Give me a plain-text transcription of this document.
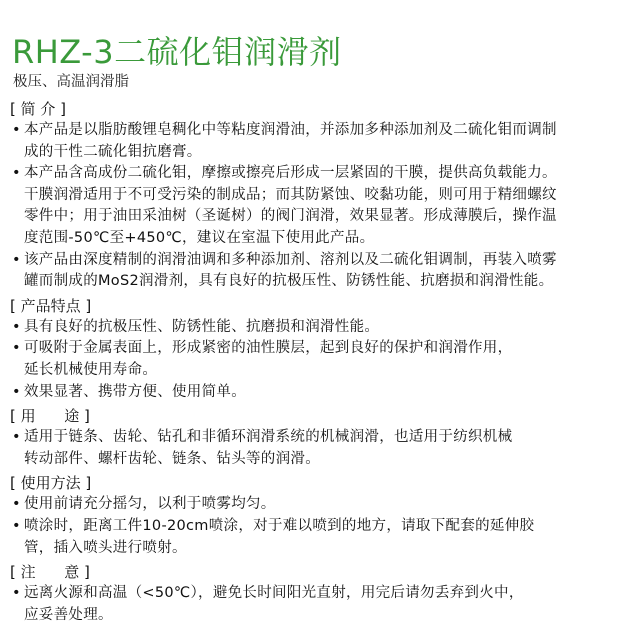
RHZ-3二硫化钼润滑剂
极压、高温润滑脂
[ 简 介 ]
• 本产品是以脂肪酸锂皂稠化中等粘度润滑油，并添加多种添加剂及二硫化钼而调制
成的干性二硫化钼抗磨膏。
• 本产品含高成份二硫化钼，摩擦或擦亮后形成一层紧固的干膜，提供高负载能力。
干膜润滑适用于不可受污染的制成品；而其防紧蚀、咬黏功能，则可用于精细螺纹
零件中；用于油田采油树（圣诞树）的阀门润滑，效果显著。形成薄膜后，操作温
度范围-50℃至+450℃，建议在室温下使用此产品。
• 该产品由深度精制的润滑油调和多种添加剂、溶剂以及二硫化钼调制，再装入喷雾
罐而制成的MoS2润滑剂，具有良好的抗极压性、防锈性能、抗磨损和润滑性能。
[ 产品特点 ]
• 具有良好的抗极压性、防锈性能、抗磨损和润滑性能。
• 可吸附于金属表面上，形成紧密的油性膜层，起到良好的保护和润滑作用，
延长机械使用寿命。
• 效果显著、携带方便、使用简单。
[ 用      途 ]
• 适用于链条、齿轮、钻孔和非循环润滑系统的机械润滑，也适用于纺织机械
转动部件、螺杆齿轮、链条、钻头等的润滑。
[ 使用方法 ]
• 使用前请充分摇匀，以利于喷雾均匀。
• 喷涂时，距离工件10-20cm喷涂，对于难以喷到的地方，请取下配套的延伸胶
管，插入喷头进行喷射。
[ 注      意 ]
• 远离火源和高温（<50℃），避免长时间阳光直射，用完后请勿丢弃到火中，
应妥善处理。
